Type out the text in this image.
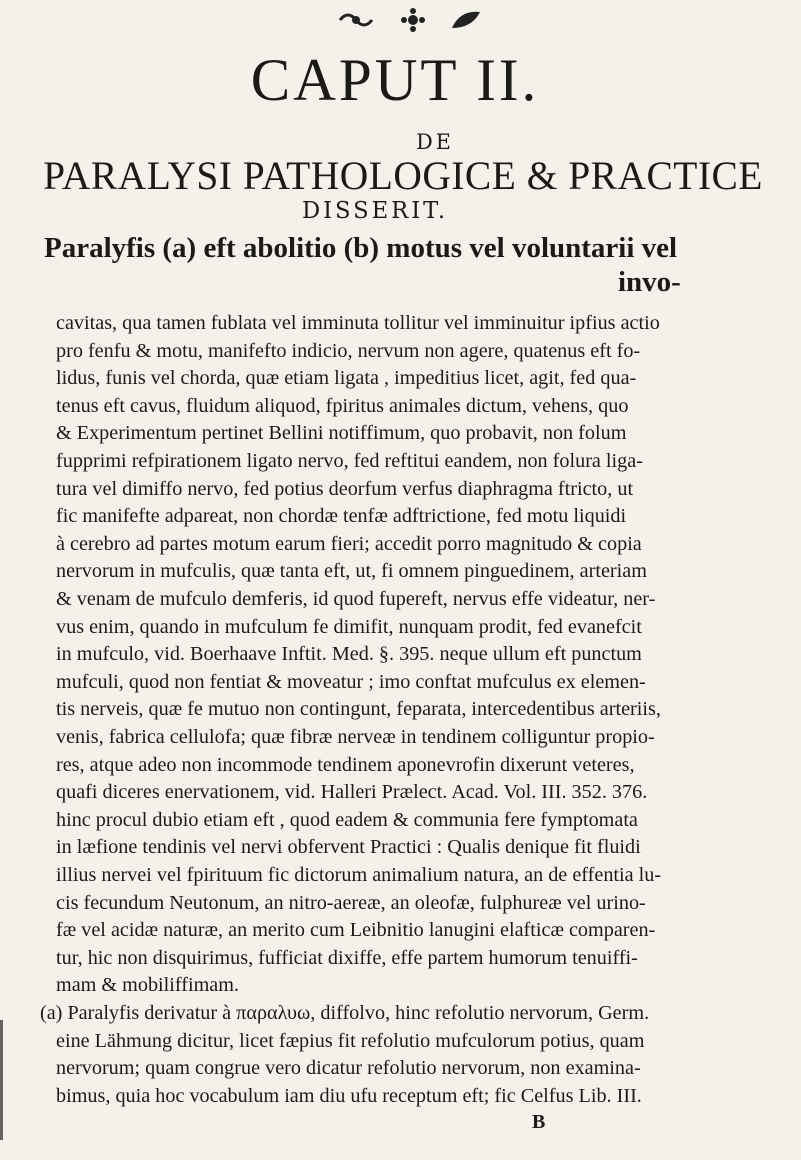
CAPUT II.
DE
PARALYSI PATHOLOGICE & PRACTICE
DISSERIT.
Paralyfis (a) eft abolitio (b) motus vel voluntarii vel
invo-
cavitas, qua tamen fublata vel imminuta tollitur vel imminuitur ipfius actio
pro fenfu & motu, manifefto indicio, nervum non agere, quatenus eft fo-
lidus, funis vel chorda, quæ etiam ligata , impeditius licet, agit, fed qua-
tenus eft cavus, fluidum aliquod, fpiritus animales dictum, vehens, quo
& Experimentum pertinet Bellini notiffimum, quo probavit, non folum
fupprimi refpirationem ligato nervo, fed reftitui eandem, non folura liga-
tura vel dimiffo nervo, fed potius deorfum verfus diaphragma ftricto, ut
fic manifefte adpareat, non chordæ tenfæ adftrictione, fed motu liquidi
à cerebro ad partes motum earum fieri; accedit porro magnitudo & copia
nervorum in mufculis, quæ tanta eft, ut, fi omnem pinguedinem, arteriam
& venam de mufculo demferis, id quod fupereft, nervus effe videatur, ner-
vus enim, quando in mufculum fe dimifit, nunquam prodit, fed evanefcit
in mufculo, vid. Boerhaave Inftit. Med. §. 395. neque ullum eft punctum
mufculi, quod non fentiat & moveatur ; imo conftat mufculus ex elemen-
tis nerveis, quæ fe mutuo non contingunt, feparata, intercedentibus arteriis,
venis, fabrica cellulofa; quæ fibræ nerveæ in tendinem colliguntur propio-
res, atque adeo non incommode tendinem aponevrofin dixerunt veteres,
quafi diceres enervationem, vid. Halleri Prælect. Acad. Vol. III. 352. 376.
hinc procul dubio etiam eft , quod eadem & communia fere fymptomata
in læfione tendinis vel nervi obfervent Practici : Qualis denique fit fluidi
illius nervei vel fpirituum fic dictorum animalium natura, an de effentia lu-
cis fecundum Neutonum, an nitro-aereæ, an oleofæ, fulphureæ vel urino-
fæ vel acidæ naturæ, an merito cum Leibnitio lanugini elafticæ comparen-
tur, hic non disquirimus, fufficiat dixiffe, effe partem humorum tenuiffi-
mam & mobiliffimam.
(a) Paralyfis derivatur à παραλυω, diffolvo, hinc refolutio nervorum, Germ.
eine Lähmung dicitur, licet fæpius fit refolutio mufculorum potius, quam
nervorum; quam congrue vero dicatur refolutio nervorum, non examina-
bimus, quia hoc vocabulum iam diu ufu receptum eft; fic Celfus Lib. III.
B
